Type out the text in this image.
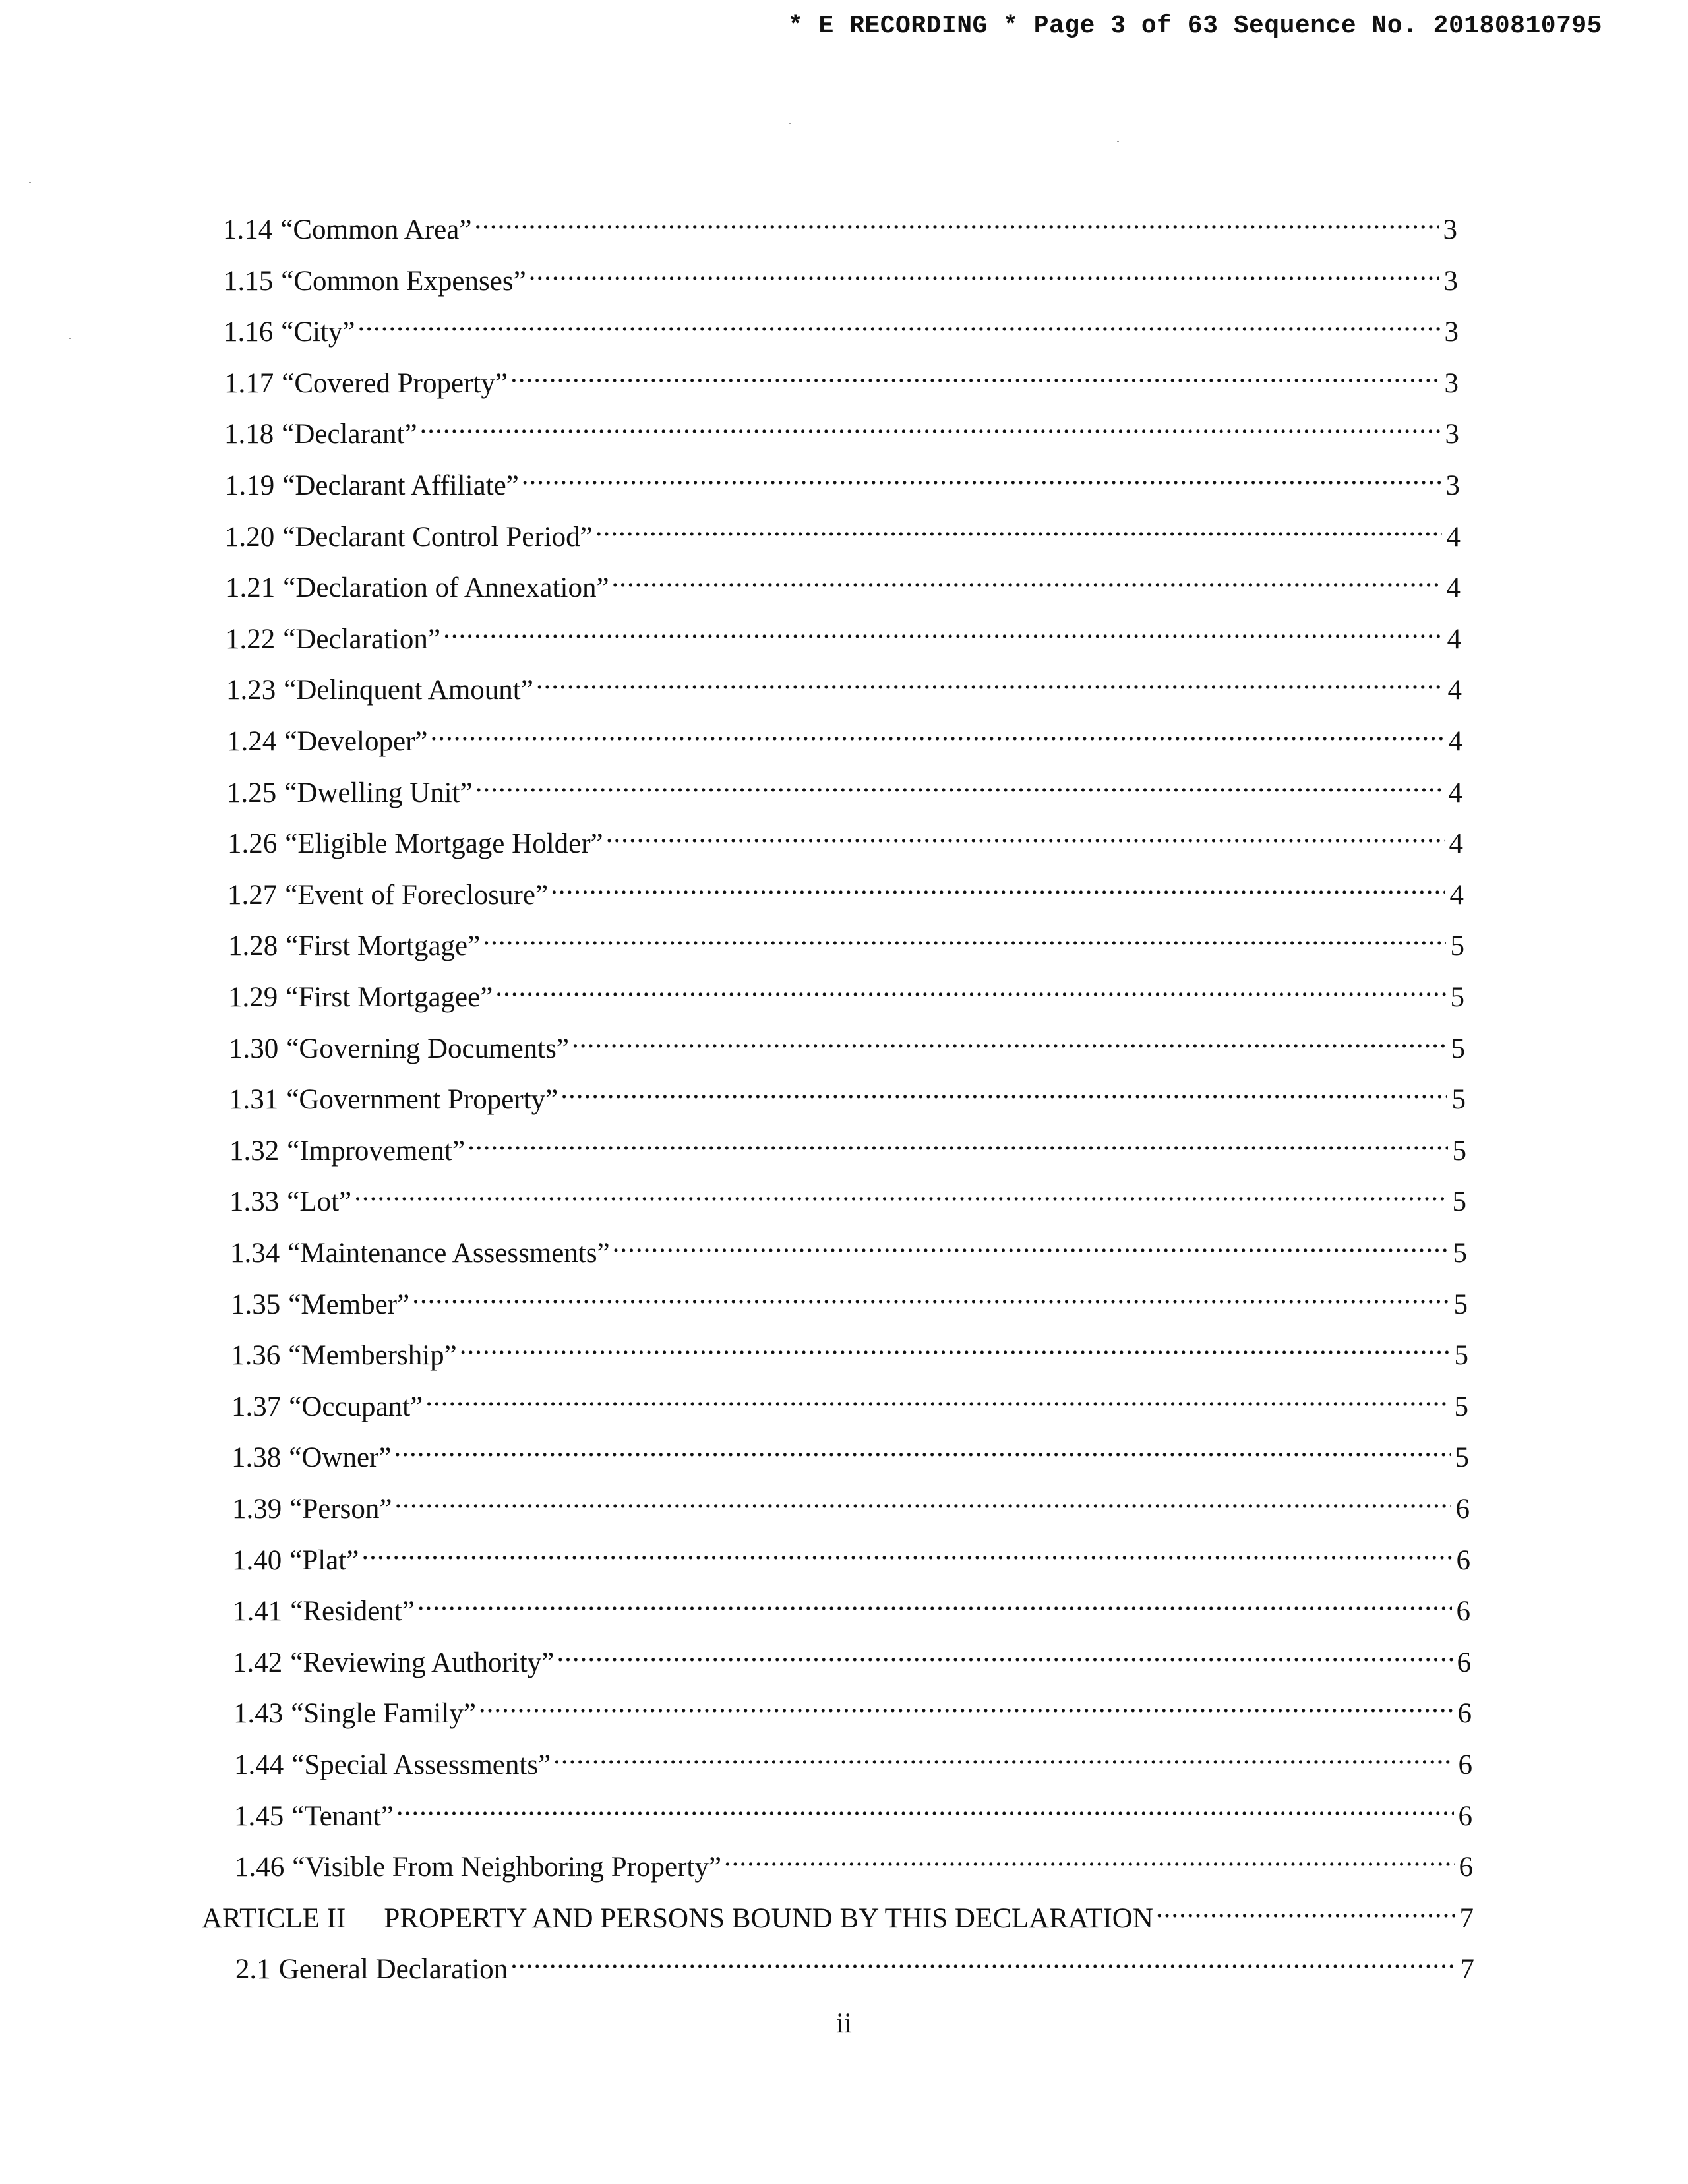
* E RECORDING * Page 3 of 63 Sequence No. 20180810795
1.14 “Common Area” .....	3
1.15 “Common Expenses” .....	3
1.16 “City” .....	3
1.17 “Covered Property” .....	3
1.18 “Declarant” .....	3
1.19 “Declarant Affiliate” .....	3
1.20 “Declarant Control Period” .....	4
1.21 “Declaration of Annexation” .....	4
1.22 “Declaration” .....	4
1.23 “Delinquent Amount” .....	4
1.24 “Developer” .....	4
1.25 “Dwelling Unit” .....	4
1.26 “Eligible Mortgage Holder” .....	4
1.27 “Event of Foreclosure” .....	4
1.28 “First Mortgage” .....	5
1.29 “First Mortgagee” .....	5
1.30 “Governing Documents” .....	5
1.31 “Government Property” .....	5
1.32 “Improvement” .....	5
1.33 “Lot” .....	5
1.34 “Maintenance Assessments” .....	5
1.35 “Member” .....	5
1.36 “Membership” .....	5
1.37 “Occupant” .....	5
1.38 “Owner” .....	5
1.39 “Person” .....	6
1.40 “Plat” .....	6
1.41 “Resident” .....	6
1.42 “Reviewing Authority” .....	6
1.43 “Single Family” .....	6
1.44 “Special Assessments” .....	6
1.45 “Tenant” .....	6
1.46 “Visible From Neighboring Property” .....	6
ARTICLE II	PROPERTY AND PERSONS BOUND BY THIS DECLARATION .....	7
2.1 General Declaration .....	7
ii
